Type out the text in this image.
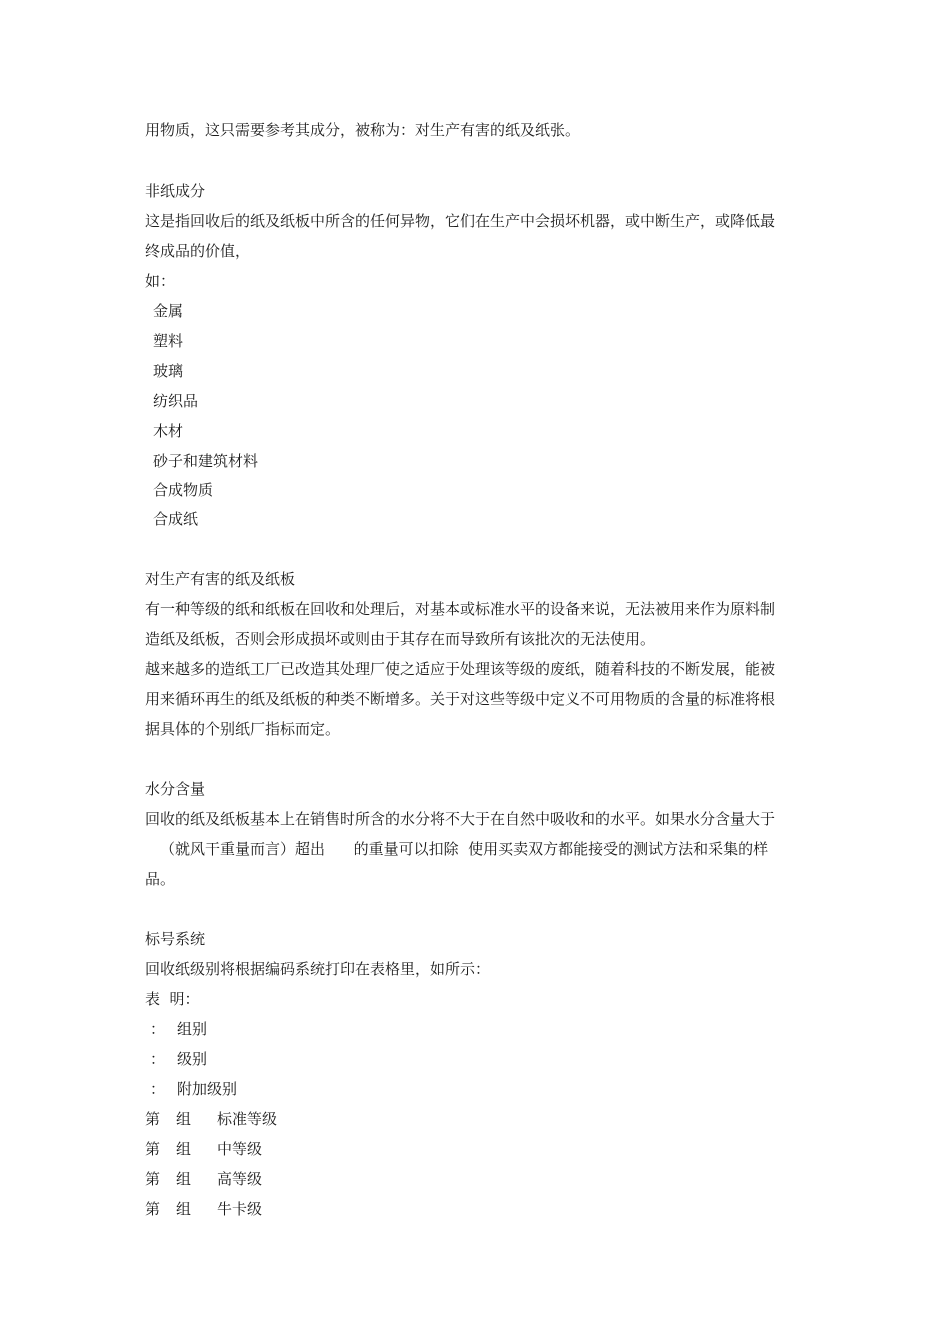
用物质，这只需要参考其成分，被称为：对生产有害的纸及纸张。
非纸成分
这是指回收后的纸及纸板中所含的任何异物，它们在生产中会损坏机器，或中断生产，或降低最
终成品的价值，
如：
金属
塑料
玻璃
纺织品
木材
砂子和建筑材料
合成物质
合成纸
对生产有害的纸及纸板
有一种等级的纸和纸板在回收和处理后，对基本或标准水平的设备来说，无法被用来作为原料制
造纸及纸板，否则会形成损坏或则由于其存在而导致所有该批次的无法使用。
越来越多的造纸工厂已改造其处理厂使之适应于处理该等级的废纸，随着科技的不断发展，能被
用来循环再生的纸及纸板的种类不断增多。关于对这些等级中定义不可用物质的含量的标准将根
据具体的个别纸厂指标而定。
水分含量
回收的纸及纸板基本上在销售时所含的水分将不大于在自然中吸收和的水平。如果水分含量大于
（就风干重量而言）超出      的重量可以扣除  使用买卖双方都能接受的测试方法和采集的样
品。
标号系统
回收纸级别将根据编码系统打印在表格里，如所示：
表  明：
： 组别
： 级别
： 附加级别
第 组 标准等级
第 组 中等级
第 组 高等级
第 组 牛卡级
